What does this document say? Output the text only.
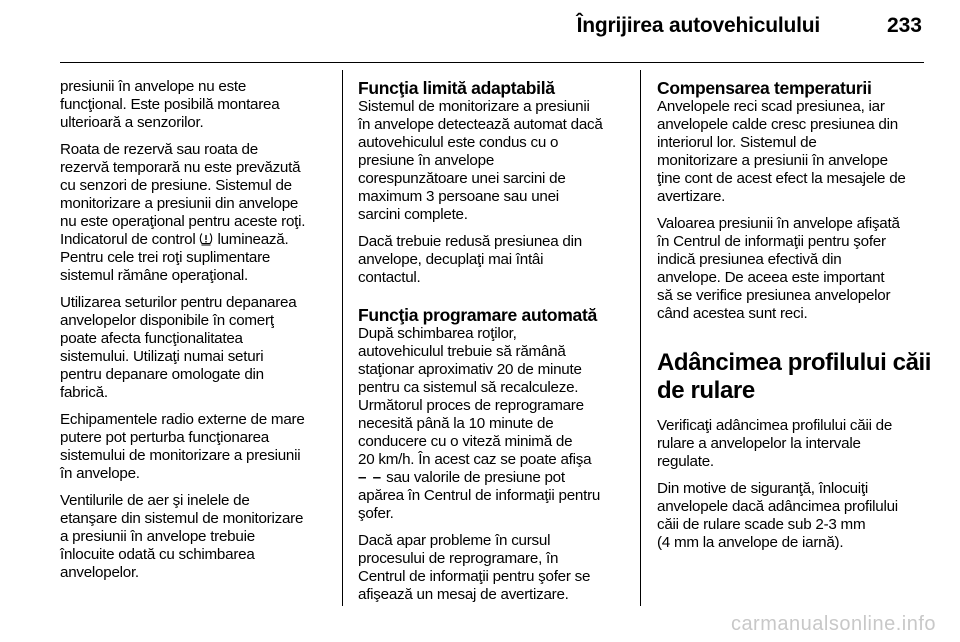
Îngrijirea autovehiculului	233

presiunii în anvelope nu este
funcţional. Este posibilă montarea
ulterioară a senzorilor.

Roata de rezervă sau roata de
rezervă temporară nu este prevăzută
cu senzori de presiune. Sistemul de
monitorizare a presiunii din anvelope
nu este operaţional pentru aceste roţi.
Indicatorul de control luminează.
Pentru cele trei roţi suplimentare
sistemul rămâne operaţional.

Utilizarea seturilor pentru depanarea
anvelopelor disponibile în comerţ
poate afecta funcţionalitatea
sistemului. Utilizaţi numai seturi
pentru depanare omologate din
fabrică.

Echipamentele radio externe de mare
putere pot perturba funcţionarea
sistemului de monitorizare a presiunii
în anvelope.

Ventilurile de aer şi inelele de
etanşare din sistemul de monitorizare
a presiunii în anvelope trebuie
înlocuite odată cu schimbarea
anvelopelor.

Funcţia limită adaptabilă

Sistemul de monitorizare a presiunii
în anvelope detectează automat dacă
autovehiculul este condus cu o
presiune în anvelope
corespunzătoare unei sarcini de
maximum 3 persoane sau unei
sarcini complete.

Dacă trebuie redusă presiunea din
anvelope, decuplaţi mai întâi
contactul.

Funcţia programare automată

După schimbarea roţilor,
autovehiculul trebuie să rămână
staţionar aproximativ 20 de minute
pentru ca sistemul să recalculeze.
Următorul proces de reprogramare
necesită până la 10 minute de
conducere cu o viteză minimă de
20 km/h. În acest caz se poate afişa
– – sau valorile de presiune pot
apărea în Centrul de informaţii pentru
şofer.

Dacă apar probleme în cursul
procesului de reprogramare, în
Centrul de informaţii pentru şofer se
afişează un mesaj de avertizare.

Compensarea temperaturii

Anvelopele reci scad presiunea, iar
anvelopele calde cresc presiunea din
interiorul lor. Sistemul de
monitorizare a presiunii în anvelope
ţine cont de acest efect la mesajele de
avertizare.

Valoarea presiunii în anvelope afişată
în Centrul de informaţii pentru şofer
indică presiunea efectivă din
anvelope. De aceea este important
să se verifice presiunea anvelopelor
când acestea sunt reci.

Adâncimea profilului căii
de rulare

Verificaţi adâncimea profilului căii de
rulare a anvelopelor la intervale
regulate.

Din motive de siguranţă, înlocuiţi
anvelopele dacă adâncimea profilului
căii de rulare scade sub 2-3 mm
(4 mm la anvelope de iarnă).

carmanualsonline.info
